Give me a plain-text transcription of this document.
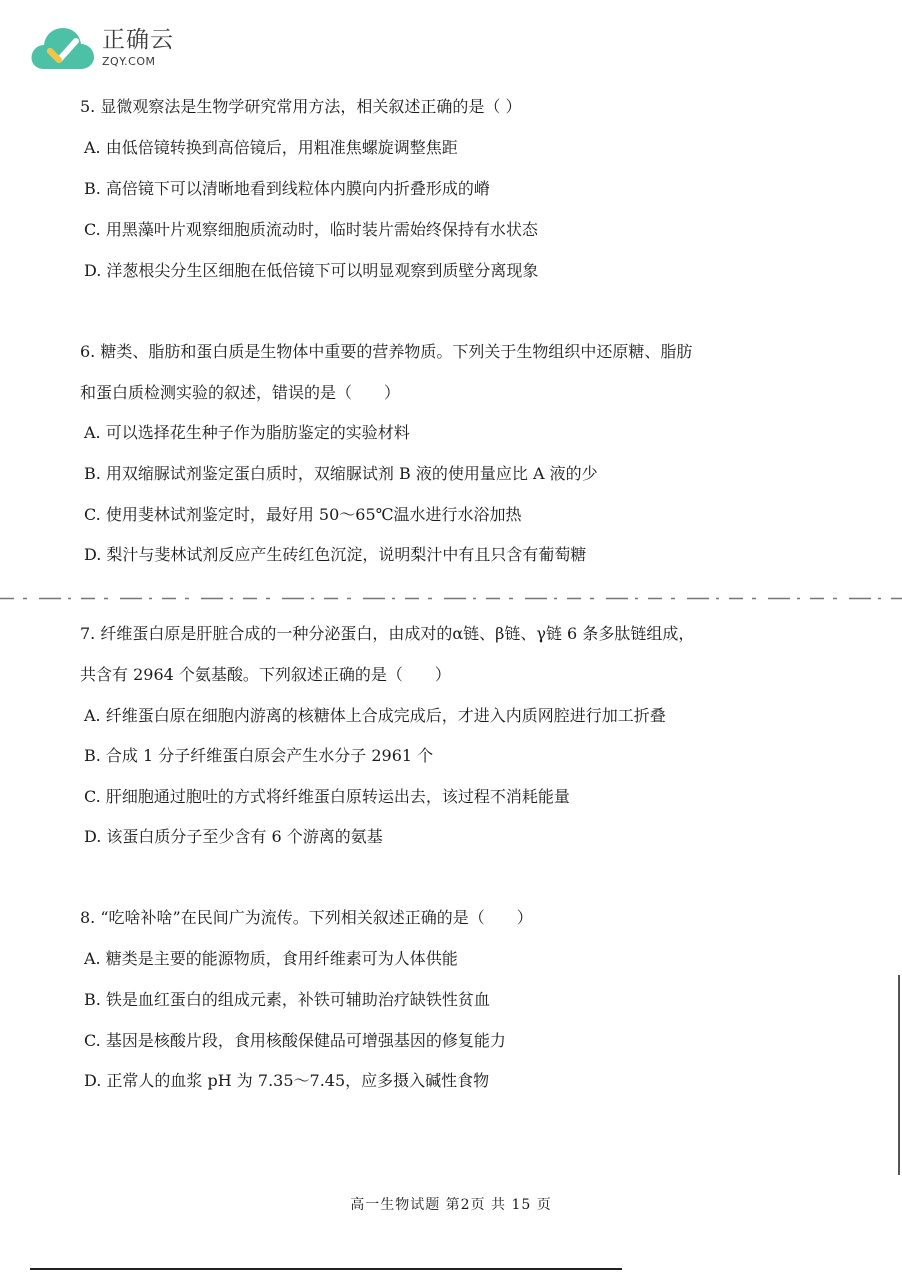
正确云
ZQY.COM
5. 显微观察法是生物学研究常用方法，相关叙述正确的是（ ）
A. 由低倍镜转换到高倍镜后，用粗准焦螺旋调整焦距
B. 高倍镜下可以清晰地看到线粒体内膜向内折叠形成的嵴
C. 用黑藻叶片观察细胞质流动时，临时装片需始终保持有水状态
D. 洋葱根尖分生区细胞在低倍镜下可以明显观察到质壁分离现象
6. 糖类、脂肪和蛋白质是生物体中重要的营养物质。下列关于生物组织中还原糖、脂肪
和蛋白质检测实验的叙述，错误的是（　　）
A. 可以选择花生种子作为脂肪鉴定的实验材料
B. 用双缩脲试剂鉴定蛋白质时，双缩脲试剂 B 液的使用量应比 A 液的少
C. 使用斐林试剂鉴定时，最好用 50～65℃温水进行水浴加热
D. 梨汁与斐林试剂反应产生砖红色沉淀，说明梨汁中有且只含有葡萄糖
7. 纤维蛋白原是肝脏合成的一种分泌蛋白，由成对的α链、β链、γ链 6 条多肽链组成，
共含有 2964 个氨基酸。下列叙述正确的是（　　）
A. 纤维蛋白原在细胞内游离的核糖体上合成完成后，才进入内质网腔进行加工折叠
B. 合成 1 分子纤维蛋白原会产生水分子 2961 个
C. 肝细胞通过胞吐的方式将纤维蛋白原转运出去，该过程不消耗能量
D. 该蛋白质分子至少含有 6 个游离的氨基
8. “吃啥补啥”在民间广为流传。下列相关叙述正确的是（　　）
A. 糖类是主要的能源物质，食用纤维素可为人体供能
B. 铁是血红蛋白的组成元素，补铁可辅助治疗缺铁性贫血
C. 基因是核酸片段，食用核酸保健品可增强基因的修复能力
D. 正常人的血浆 pH 为 7.35～7.45，应多摄入碱性食物
高一生物试题 第2页 共 15 页
